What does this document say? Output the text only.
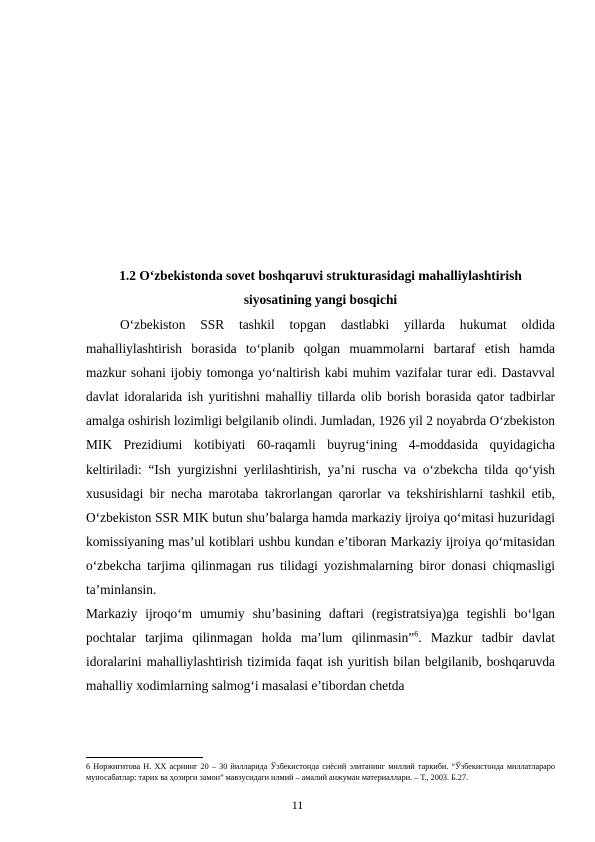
1.2 O‘zbekistonda sovet boshqaruvi strukturasidagi mahalliylashtirish
siyosatining yangi bosqichi

O‘zbekiston SSR tashkil topgan dastlabki yillarda hukumat oldida mahalliylashtirish borasida to‘planib qolgan muammolarni bartaraf etish hamda mazkur sohani ijobiy tomonga yo‘naltirish kabi muhim vazifalar turar edi. Dastavval davlat idoralarida ish yuritishni mahalliy tillarda olib borish borasida qator tadbirlar amalga oshirish lozimligi belgilanib olindi. Jumladan, 1926 yil 2 noyabrda O‘zbekiston MIK Prezidiumi kotibiyati 60-raqamli buyrug‘ining 4-moddasida quyidagicha keltiriladi: “Ish yurgizishni yerlilashtirish, ya’ni ruscha va o‘zbekcha tilda qo‘yish xususidagi bir necha marotaba takrorlangan qarorlar va tekshirishlarni tashkil etib, O‘zbekiston SSR MIK butun shu’balarga hamda markaziy ijroiya qo‘mitasi huzuridagi komissiyaning mas’ul kotiblari ushbu kundan e’tiboran Markaziy ijroiya qo‘mitasidan o‘zbekcha tarjima qilinmagan rus tilidagi yozishmalarning biror donasi chiqmasligi ta’minlansin.

Markaziy ijroqo‘m umumiy shu’basining daftari (registratsiya)ga tegishli bo‘lgan pochtalar tarjima qilinmagan holda ma’lum qilinmasin”$^6$. Mazkur tadbir davlat idoralarini mahalliylashtirish tizimida faqat ish yuritish bilan belgilanib, boshqaruvda mahalliy xodimlarning salmog‘i masalasi e’tibordan chetda

6 Норжигитова Н. ХХ асрнинг 20 – 30 йилларида Ўзбекистонда сиёсий элитанинг миллий таркиби. “Ўзбекистонда миллатлараро муносабатлар: тарих ва ҳозирги замон” мавзусидаги илмий – амалий анжуман материаллари. – Т., 2003. Б.27.

11
